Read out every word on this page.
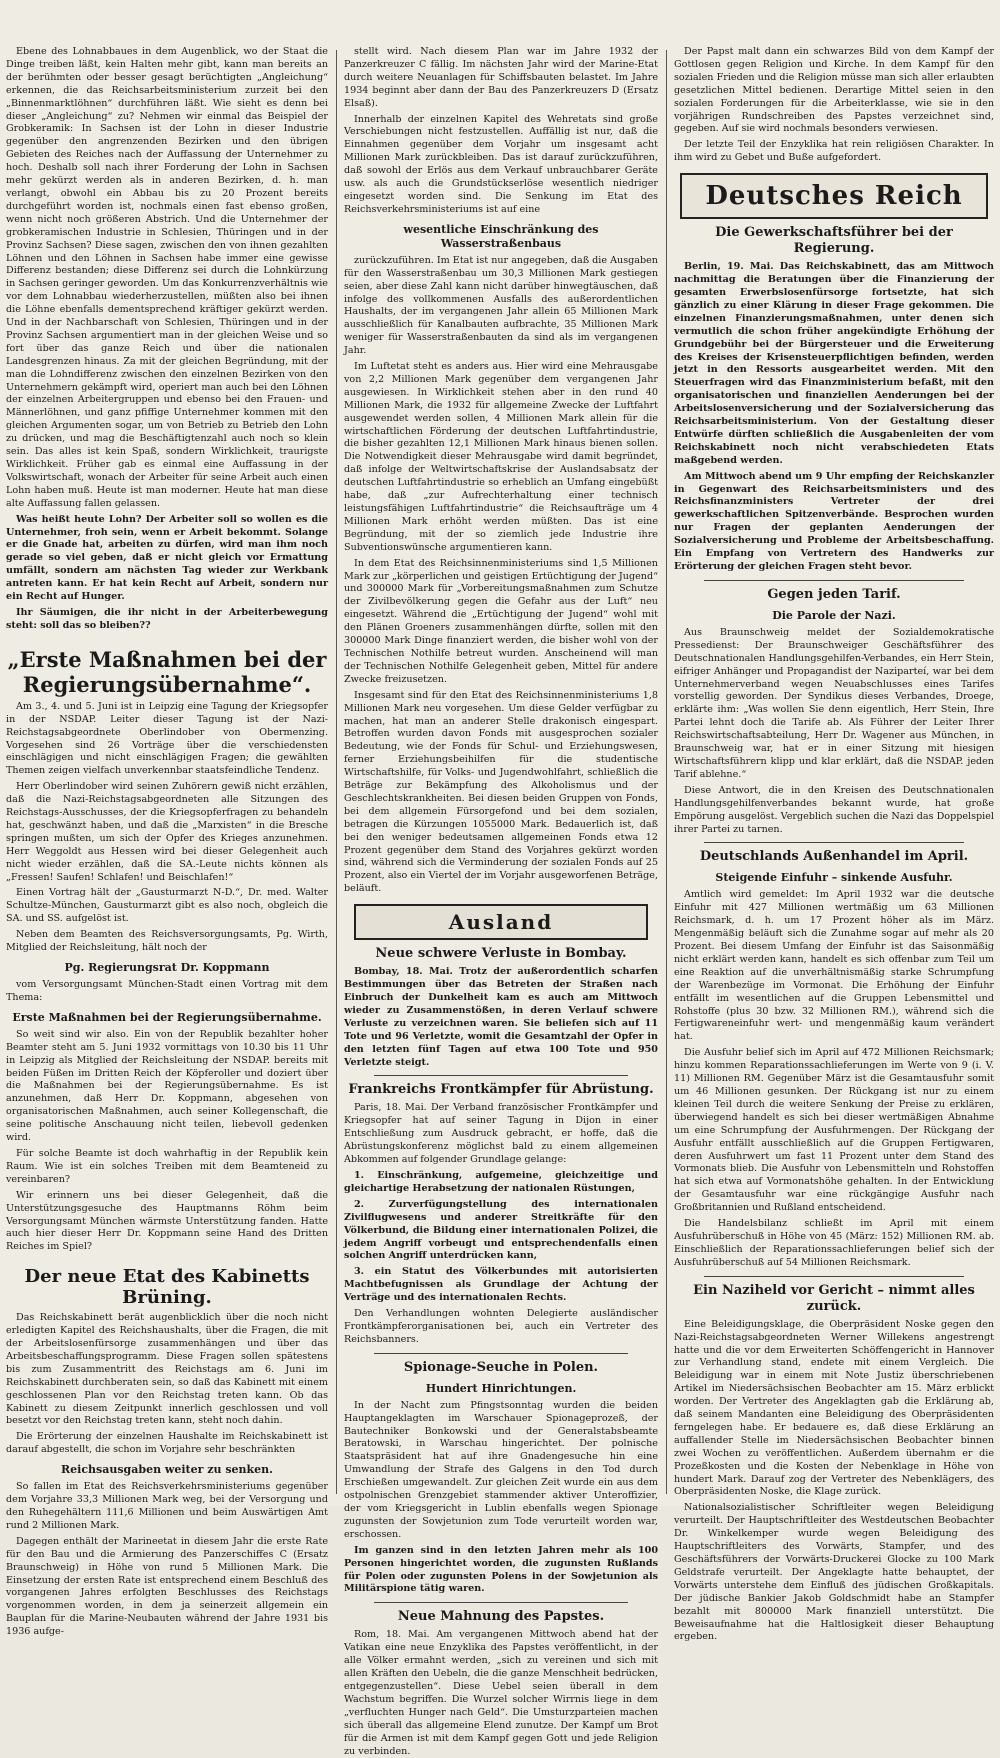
Ebene des Lohnabbaues in dem Augenblick, wo der Staat die Dinge treiben läßt, kein Halten mehr gibt, kann man bereits an der berühmten oder besser gesagt berüchtigten „Angleichung“ erkennen, die das Reichsarbeitsministerium zurzeit bei den „Binnenmarktlöhnen“ durchführen läßt. Wie sieht es denn bei dieser „Angleichung“ zu? Nehmen wir einmal das Beispiel der Grobkeramik: In Sachsen ist der Lohn in dieser Industrie gegenüber den angrenzenden Bezirken und den übrigen Gebieten des Reiches nach der Auffassung der Unternehmer zu hoch. Deshalb soll nach ihrer Forderung der Lohn in Sachsen mehr gekürzt werden als in anderen Bezirken, d. h. man verlangt, obwohl ein Abbau bis zu 20 Prozent bereits durchgeführt worden ist, nochmals einen fast ebenso großen, wenn nicht noch größeren Abstrich. Und die Unternehmer der grobkeramischen Industrie in Schlesien, Thüringen und in der Provinz Sachsen? Diese sagen, zwischen den von ihnen gezahlten Löhnen und den Löhnen in Sachsen habe immer eine gewisse Differenz bestanden; diese Differenz sei durch die Lohnkürzung in Sachsen geringer geworden. Um das Konkurrenzverhältnis wie vor dem Lohnabbau wiederherzustellen, müßten also bei ihnen die Löhne ebenfalls dementsprechend kräftiger gekürzt werden. Und in der Nachbarschaft von Schlesien, Thüringen und in der Provinz Sachsen argumentiert man in der gleichen Weise und so fort über das ganze Reich und über die nationalen Landesgrenzen hinaus. Za mit der gleichen Begründung, mit der man die Lohndifferenz zwischen den einzelnen Bezirken von den Unternehmern gekämpft wird, operiert man auch bei den Löhnen der einzelnen Arbeitergruppen und ebenso bei den Frauen- und Männerlöhnen, und ganz pfiffige Unternehmer kommen mit den gleichen Argumenten sogar, um von Betrieb zu Betrieb den Lohn zu drücken, und mag die Beschäftigtenzahl auch noch so klein sein. Das alles ist kein Spaß, sondern Wirklichkeit, traurigste Wirklichkeit. Früher gab es einmal eine Auffassung in der Volkswirtschaft, wonach der Arbeiter für seine Arbeit auch einen Lohn haben muß. Heute ist man moderner. Heute hat man diese alte Auffassung fallen gelassen.

Was heißt heute Lohn? Der Arbeiter soll so wollen es die Unternehmer, froh sein, wenn er Arbeit bekommt. Solange er die Gnade hat, arbeiten zu dürfen, wird man ihm noch gerade so viel geben, daß er nicht gleich vor Ermattung umfällt, sondern am nächsten Tag wieder zur Werkbank antreten kann. Er hat kein Recht auf Arbeit, sondern nur ein Recht auf Hunger.

Ihr Säumigen, die ihr nicht in der Arbeiterbewegung steht: soll das so bleiben??

„Erste Maßnahmen bei der Regierungsübernahme“.

Am 3., 4. und 5. Juni ist in Leipzig eine Tagung der Kriegsopfer in der NSDAP. Leiter dieser Tagung ist der Nazi-Reichstagsabgeordnete Oberlindober von Obermenzing. Vorgesehen sind 26 Vorträge über die verschiedensten einschlägigen und nicht einschlägigen Fragen; die gewählten Themen zeigen vielfach unverkennbar staatsfeindliche Tendenz.

Herr Oberlindober wird seinen Zuhörern gewiß nicht erzählen, daß die Nazi-Reichstagsabgeordneten alle Sitzungen des Reichstags-Ausschusses, der die Kriegsopferfragen zu behandeln hat, geschwänzt haben, und daß die „Marxisten“ in die Bresche springen mußten, um sich der Opfer des Krieges anzunehmen. Herr Weggoldt aus Hessen wird bei dieser Gelegenheit auch nicht wieder erzählen, daß die SA.-Leute nichts können als „Fressen! Saufen! Schlafen! und Beischlafen!“

Einen Vortrag hält der „Gausturmarzt N-D.“, Dr. med. Walter Schultze-München, Gausturmarzt gibt es also noch, obgleich die SA. und SS. aufgelöst ist.

Neben dem Beamten des Reichsversorgungsamts, Pg. Wirth, Mitglied der Reichsleitung, hält noch der

Pg. Regierungsrat Dr. Koppmann

vom Versorgungsamt München-Stadt einen Vortrag mit dem Thema:

Erste Maßnahmen bei der Regierungsübernahme.

So weit sind wir also. Ein von der Republik bezahlter hoher Beamter steht am 5. Juni 1932 vormittags von 10.30 bis 11 Uhr in Leipzig als Mitglied der Reichsleitung der NSDAP. bereits mit beiden Füßen im Dritten Reich der Köpferoller und doziert über die Maßnahmen bei der Regierungsübernahme. Es ist anzunehmen, daß Herr Dr. Koppmann, abgesehen von organisatorischen Maßnahmen, auch seiner Kollegenschaft, die seine politische Anschauung nicht teilen, liebevoll gedenken wird.

Für solche Beamte ist doch wahrhaftig in der Republik kein Raum. Wie ist ein solches Treiben mit dem Beamteneid zu vereinbaren?

Wir erinnern uns bei dieser Gelegenheit, daß die Unterstützungsgesuche des Hauptmanns Röhm beim Versorgungsamt München wärmste Unterstützung fanden. Hatte auch hier dieser Herr Dr. Koppmann seine Hand des Dritten Reiches im Spiel?

Der neue Etat des Kabinetts Brüning.

Das Reichskabinett berät augenblicklich über die noch nicht erledigten Kapitel des Reichshaushalts, über die Fragen, die mit der Arbeitslosenfürsorge zusammenhängen und über das Arbeitsbeschaffungsprogramm. Diese Fragen sollen spätestens bis zum Zusammentritt des Reichstags am 6. Juni im Reichskabinett durchberaten sein, so daß das Kabinett mit einem geschlossenen Plan vor den Reichstag treten kann. Ob das Kabinett zu diesem Zeitpunkt innerlich geschlossen und voll besetzt vor den Reichstag treten kann, steht noch dahin.

Die Erörterung der einzelnen Haushalte im Reichskabinett ist darauf abgestellt, die schon im Vorjahre sehr beschränkten

Reichsausgaben weiter zu senken.

So fallen im Etat des Reichsverkehrsministeriums gegenüber dem Vorjahre 33,3 Millionen Mark weg, bei der Versorgung und den Ruhegehältern 111,6 Millionen und beim Auswärtigen Amt rund 2 Millionen Mark.

Dagegen enthält der Marineetat in diesem Jahr die erste Rate für den Bau und die Armierung des Panzerschiffes C (Ersatz Braunschweig) in Höhe von rund 5 Millionen Mark. Die Einsetzung der ersten Rate ist entsprechend einem Beschluß des vorgangenen Jahres erfolgten Beschlusses des Reichstags vorgenommen worden, in dem ja seinerzeit allgemein ein Bauplan für die Marine-Neubauten während der Jahre 1931 bis 1936 aufge-

stellt wird. Nach diesem Plan war im Jahre 1932 der Panzerkreuzer C fällig. Im nächsten Jahr wird der Marine-Etat durch weitere Neuanlagen für Schiffsbauten belastet. Im Jahre 1934 beginnt aber dann der Bau des Panzerkreuzers D (Ersatz Elsaß).

Innerhalb der einzelnen Kapitel des Wehretats sind große Verschiebungen nicht festzustellen. Auffällig ist nur, daß die Einnahmen gegenüber dem Vorjahr um insgesamt acht Millionen Mark zurückbleiben. Das ist darauf zurückzuführen, daß sowohl der Erlös aus dem Verkauf unbrauchbarer Geräte usw. als auch die Grundstückserlöse wesentlich niedriger eingesetzt worden sind. Die Senkung im Etat des Reichsverkehrsministeriums ist auf eine

wesentliche Einschränkung des Wasserstraßenbaus

zurückzuführen. Im Etat ist nur angegeben, daß die Ausgaben für den Wasserstraßenbau um 30,3 Millionen Mark gestiegen seien, aber diese Zahl kann nicht darüber hinwegtäuschen, daß infolge des vollkommenen Ausfalls des außerordentlichen Haushalts, der im vergangenen Jahr allein 65 Millionen Mark ausschließlich für Kanalbauten aufbrachte, 35 Millionen Mark weniger für Wasserstraßenbauten da sind als im vergangenen Jahr.

Im Luftetat steht es anders aus. Hier wird eine Mehrausgabe von 2,2 Millionen Mark gegenüber dem vergangenen Jahr ausgewiesen. In Wirklichkeit stehen aber in den rund 40 Millionen Mark, die 1932 für allgemeine Zwecke der Luftfahrt ausgewendet werden sollen, 4 Millionen Mark allein für die wirtschaftlichen Förderung der deutschen Luftfahrtindustrie, die bisher gezahlten 12,1 Millionen Mark hinaus bienen sollen. Die Notwendigkeit dieser Mehrausgabe wird damit begründet, daß infolge der Weltwirtschaftskrise der Auslandsabsatz der deutschen Luftfahrtindustrie so erheblich an Umfang eingebüßt habe, daß „zur Aufrechterhaltung einer technisch leistungsfähigen Luftfahrtindustrie“ die Reichsaufträge um 4 Millionen Mark erhöht werden müßten. Das ist eine Begründung, mit der so ziemlich jede Industrie ihre Subventionswünsche argumentieren kann.

In dem Etat des Reichsinnenministeriums sind 1,5 Millionen Mark zur „körperlichen und geistigen Ertüchtigung der Jugend“ und 300000 Mark für „Vorbereitungsmaßnahmen zum Schutze der Zivilbevölkerung gegen die Gefahr aus der Luft“ neu eingesetzt. Während die „Ertüchtigung der Jugend“ wohl mit den Plänen Groeners zusammenhängen dürfte, sollen mit den 300000 Mark Dinge finanziert werden, die bisher wohl von der Technischen Nothilfe betreut wurden. Anscheinend will man der Technischen Nothilfe Gelegenheit geben, Mittel für andere Zwecke freizusetzen.

Insgesamt sind für den Etat des Reichsinnenministeriums 1,8 Millionen Mark neu vorgesehen. Um diese Gelder verfügbar zu machen, hat man an anderer Stelle drakonisch eingespart. Betroffen wurden davon Fonds mit ausgesprochen sozialer Bedeutung, wie der Fonds für Schul- und Erziehungswesen, ferner Erziehungsbeihilfen für die studentische Wirtschaftshilfe, für Volks- und Jugendwohlfahrt, schließlich die Beträge zur Bekämpfung des Alkoholismus und der Geschlechtskrankheiten. Bei diesen beiden Gruppen von Fonds, bei dem allgemein Fürsorgefond und bei dem sozialen, betragen die Kürzungen 1055000 Mark. Bedauerlich ist, daß bei den weniger bedeutsamen allgemeinen Fonds etwa 12 Prozent gegenüber dem Stand des Vorjahres gekürzt worden sind, während sich die Verminderung der sozialen Fonds auf 25 Prozent, also ein Viertel der im Vorjahr ausgeworfenen Beträge, beläuft.

Ausland
Neue schwere Verluste in Bombay.

Bombay, 18. Mai. Trotz der außerordentlich scharfen Bestimmungen über das Betreten der Straßen nach Einbruch der Dunkelheit kam es auch am Mittwoch wieder zu Zusammenstößen, in deren Verlauf schwere Verluste zu verzeichnen waren. Sie beliefen sich auf 11 Tote und 96 Verletzte, womit die Gesamtzahl der Opfer in den letzten fünf Tagen auf etwa 100 Tote und 950 Verletzte steigt.

Frankreichs Frontkämpfer für Abrüstung.

Paris, 18. Mai. Der Verband französischer Frontkämpfer und Kriegsopfer hat auf seiner Tagung in Dijon in einer Entschließung zum Ausdruck gebracht, er hoffe, daß die Abrüstungskonferenz möglichst bald zu einem allgemeinen Abkommen auf folgender Grundlage gelange:

1. Einschränkung, aufgemeine, gleichzeitige und gleichartige Herabsetzung der nationalen Rüstungen,

2. Zurverfügungstellung des internationalen Zivilflugwesens und anderer Streitkräfte für den Völkerbund, die Bildung einer internationalen Polizei, die jedem Angriff vorbeugt und entsprechendenfalls einen solchen Angriff unterdrücken kann,

3. ein Statut des Völkerbundes mit autorisierten Machtbefugnissen als Grundlage der Achtung der Verträge und des internationalen Rechts.

Den Verhandlungen wohnten Delegierte ausländischer Frontkämpferorganisationen bei, auch ein Vertreter des Reichsbanners.

Spionage-Seuche in Polen.
Hundert Hinrichtungen.

In der Nacht zum Pfingstsonntag wurden die beiden Hauptangeklagten im Warschauer Spionageprozeß, der Bautechniker Bonkowski und der Generalstabsbeamte Beratowski, in Warschau hingerichtet. Der polnische Staatspräsident hat auf ihre Gnadengesuche hin eine Umwandlung der Strafe des Galgens in den Tod durch Erschießen umgewandelt. Zur gleichen Zeit wurde ein aus dem ostpolnischen Grenzgebiet stammender aktiver Unteroffizier, der vom Kriegsgericht in Lublin ebenfalls wegen Spionage zugunsten der Sowjetunion zum Tode verurteilt worden war, erschossen.

Im ganzen sind in den letzten Jahren mehr als 100 Personen hingerichtet worden, die zugunsten Rußlands für Polen oder zugunsten Polens in der Sowjetunion als Militärspione tätig waren.

Neue Mahnung des Papstes.

Rom, 18. Mai. Am vergangenen Mittwoch abend hat der Vatikan eine neue Enzyklika des Papstes veröffentlicht, in der alle Völker ermahnt werden, „sich zu vereinen und sich mit allen Kräften den Uebeln, die die ganze Menschheit bedrücken, entgegenzustellen“. Diese Uebel seien überall in dem Wachstum begriffen. Die Wurzel solcher Wirrnis liege in dem „verfluchten Hunger nach Geld“. Die Umsturzparteien machen sich überall das allgemeine Elend zunutze. Der Kampf um Brot für die Armen ist mit dem Kampf gegen Gott und jede Religion zu verbinden.

Der Papst malt dann ein schwarzes Bild von dem Kampf der Gottlosen gegen Religion und Kirche. In dem Kampf für den sozialen Frieden und die Religion müsse man sich aller erlaubten gesetzlichen Mittel bedienen. Derartige Mittel seien in den sozialen Forderungen für die Arbeiterklasse, wie sie in den vorjährigen Rundschreiben des Papstes verzeichnet sind, gegeben. Auf sie wird nochmals besonders verwiesen.

Der letzte Teil der Enzyklika hat rein religiösen Charakter. In ihm wird zu Gebet und Buße aufgefordert.

Deutsches Reich
Die Gewerkschaftsführer bei der Regierung.

Berlin, 19. Mai. Das Reichskabinett, das am Mittwoch nachmittag die Beratungen über die Finanzierung der gesamten Erwerbslosenfürsorge fortsetzte, hat sich gänzlich zu einer Klärung in dieser Frage gekommen. Die einzelnen Finanzierungsmaßnahmen, unter denen sich vermutlich die schon früher angekündigte Erhöhung der Grundgebühr bei der Bürgersteuer und die Erweiterung des Kreises der Krisensteuerpflichtigen befinden, werden jetzt in den Ressorts ausgearbeitet werden. Mit den Steuerfragen wird das Finanzministerium befaßt, mit den organisatorischen und finanziellen Aenderungen bei der Arbeitslosenversicherung und der Sozialversicherung das Reichsarbeitsministerium. Von der Gestaltung dieser Entwürfe dürften schließlich die Ausgabenleiten der vom Reichskabinett noch nicht verabschiedeten Etats maßgebend werden.

Am Mittwoch abend um 9 Uhr empfing der Reichskanzler in Gegenwart des Reichsarbeitsministers und des Reichsfinanzministers Vertreter der drei gewerkschaftlichen Spitzenverbände. Besprochen wurden nur Fragen der geplanten Aenderungen der Sozialversicherung und Probleme der Arbeitsbeschaffung. Ein Empfang von Vertretern des Handwerks zur Erörterung der gleichen Fragen steht bevor.

Gegen jeden Tarif.
Die Parole der Nazi.

Aus Braunschweig meldet der Sozialdemokratische Pressedienst: Der Braunschweiger Geschäftsführer des Deutschnationalen Handlungsgehilfen-Verbandes, ein Herr Stein, eifriger Anhänger und Propagandist der Naziparteí, war bei dem Unternehmerverband wegen Neuabschlusses eines Tarifes vorstellig geworden. Der Syndikus dieses Verbandes, Droege, erklärte ihm: „Was wollen Sie denn eigentlich, Herr Stein, Ihre Partei lehnt doch die Tarife ab. Als Führer der Leiter Ihrer Reichswirtschaftsabteilung, Herr Dr. Wagener aus München, in Braunschweig war, hat er in einer Sitzung mit hiesigen Wirtschaftsführern klipp und klar erklärt, daß die NSDAP. jeden Tarif ablehne.“

Diese Antwort, die in den Kreisen des Deutschnationalen Handlungsgehilfenverbandes bekannt wurde, hat große Empörung ausgelöst. Vergeblich suchen die Nazi das Doppelspiel ihrer Partei zu tarnen.

Deutschlands Außenhandel im April.
Steigende Einfuhr – sinkende Ausfuhr.

Amtlich wird gemeldet: Im April 1932 war die deutsche Einfuhr mit 427 Millionen wertmäßig um 63 Millionen Reichsmark, d. h. um 17 Prozent höher als im März. Mengenmäßig beläuft sich die Zunahme sogar auf mehr als 20 Prozent. Bei diesem Umfang der Einfuhr ist das Saisonmäßig nicht erklärt werden kann, handelt es sich offenbar zum Teil um eine Reaktion auf die unverhältnismäßig starke Schrumpfung der Warenbezüge im Vormonat. Die Erhöhung der Einfuhr entfällt im wesentlichen auf die Gruppen Lebensmittel und Rohstoffe (plus 30 bzw. 32 Millionen RM.), während sich die Fertigwareneinfuhr wert- und mengenmäßig kaum verändert hat.

Die Ausfuhr belief sich im April auf 472 Millionen Reichsmark; hinzu kommen Reparationssachlieferungen im Werte von 9 (i. V. 11) Millionen RM. Gegenüber März ist die Gesamtausfuhr somit um 46 Millionen gesunken. Der Rückgang ist nur zu einem kleinen Teil durch die weitere Senkung der Preise zu erklären, überwiegend handelt es sich bei dieser wertmäßigen Abnahme um eine Schrumpfung der Ausfuhrmengen. Der Rückgang der Ausfuhr entfällt ausschließlich auf die Gruppen Fertigwaren, deren Ausfuhrwert um fast 11 Prozent unter dem Stand des Vormonats blieb. Die Ausfuhr von Lebensmitteln und Rohstoffen hat sich etwa auf Vormonatshöhe gehalten. In der Entwicklung der Gesamtausfuhr war eine rückgängige Ausfuhr nach Großbritannien und Rußland entscheidend.

Die Handelsbilanz schließt im April mit einem Ausfuhrüberschuß in Höhe von 45 (März: 152) Millionen RM. ab. Einschließlich der Reparationssachlieferungen belief sich der Ausfuhrüberschuß auf 54 Millionen Reichsmark.

Ein Naziheld vor Gericht – nimmt alles zurück.

Eine Beleidigungsklage, die Oberpräsident Noske gegen den Nazi-Reichstagsabgeordneten Werner Willekens angestrengt hatte und die vor dem Erweiterten Schöffengericht in Hannover zur Verhandlung stand, endete mit einem Vergleich. Die Beleidigung war in einem mit Note Justiz überschriebenen Artikel im Niedersächsischen Beobachter am 15. März erblickt worden. Der Vertreter des Angeklagten gab die Erklärung ab, daß seinem Mandanten eine Beleidigung des Oberpräsidenten ferngelegen habe. Er bedauere es, daß diese Erklärung an auffallender Stelle im Niedersächsischen Beobachter binnen zwei Wochen zu veröffentlichen. Außerdem übernahm er die Prozeßkosten und die Kosten der Nebenklage in Höhe von hundert Mark. Darauf zog der Vertreter des Nebenklägers, des Oberpräsidenten Noske, die Klage zurück.

Nationalsozialistischer Schriftleiter wegen Beleidigung verurteilt. Der Hauptschriftleiter des Westdeutschen Beobachter Dr. Winkelkemper wurde wegen Beleidigung des Hauptschriftleiters des Vorwärts, Stampfer, und des Geschäftsführers der Vorwärts-Druckerei Glocke zu 100 Mark Geldstrafe verurteilt. Der Angeklagte hatte behauptet, der Vorwärts unterstehe dem Einfluß des jüdischen Großkapitals. Der jüdische Bankier Jakob Goldschmidt habe an Stampfer bezahlt mit 800000 Mark finanziell unterstützt. Die Beweisaufnahme hat die Haltlosigkeit dieser Behauptung ergeben.
